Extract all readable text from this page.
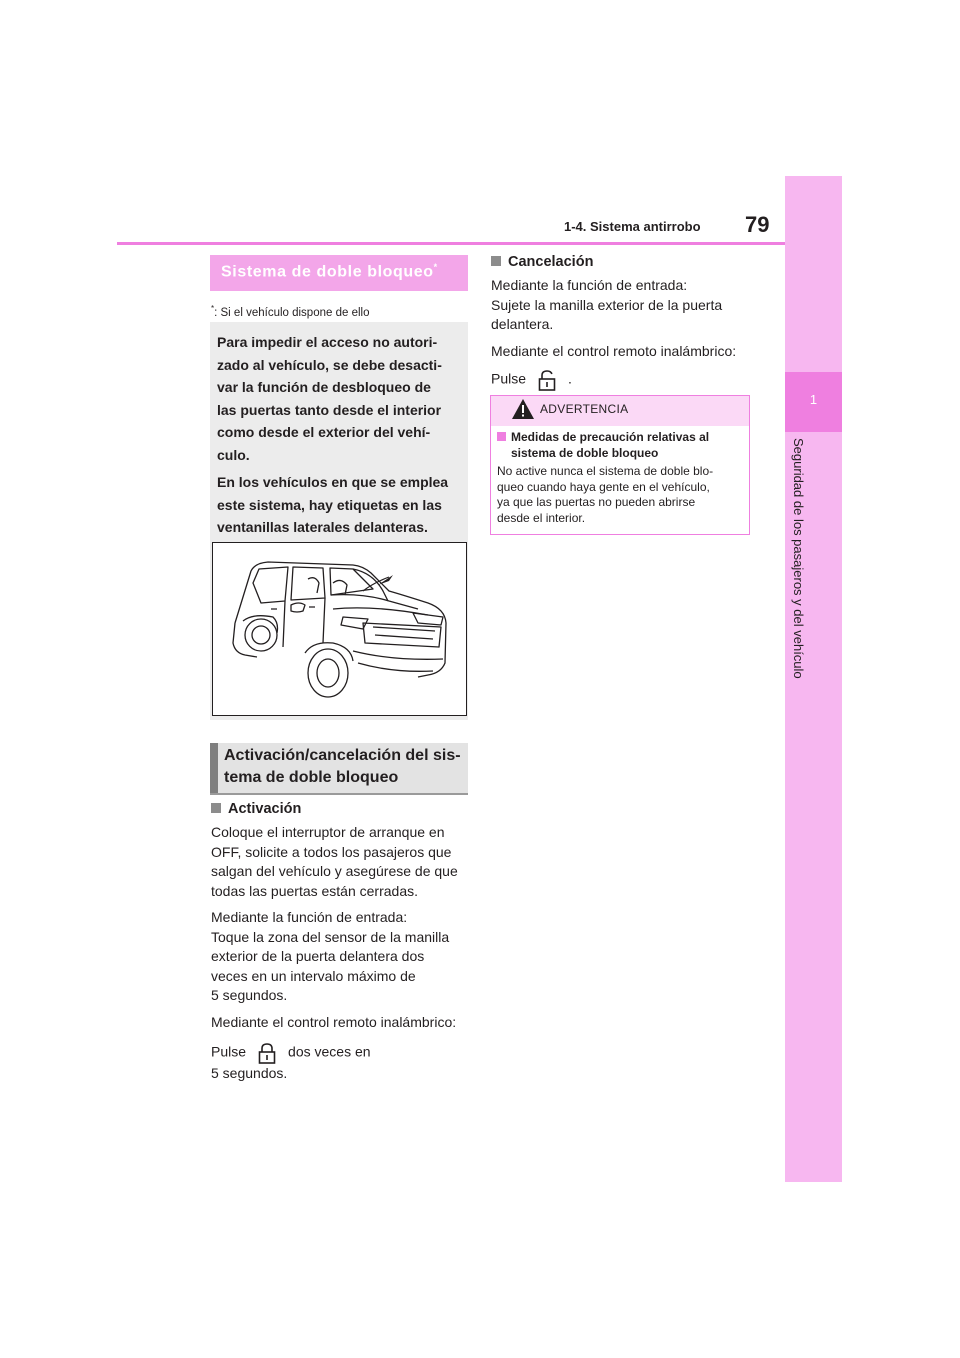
1
Seguridad de los pasajeros y del vehículo
1-4. Sistema antirrobo 79
Sistema de doble bloqueo*
*: Si el vehículo dispone de ello

Para impedir el acceso no autori-
zado al vehículo, se debe desacti-
var la función de desbloqueo de
las puertas tanto desde el interior
como desde el exterior del vehí-
culo.

En los vehículos en que se emplea
este sistema, hay etiquetas en las
ventanillas laterales delanteras.

Activación/cancelación del sis-
tema de doble bloqueo
Activación

Coloque el interruptor de arranque en
OFF, solicite a todos los pasajeros que
salgan del vehículo y asegúrese de que
todas las puertas están cerradas.

Mediante la función de entrada:
Toque la zona del sensor de la manilla
exterior de la puerta delantera dos
veces en un intervalo máximo de
5 segundos.

Mediante el control remoto inalámbrico:

Pulse	dos veces en
5 segundos.

Cancelación

Mediante la función de entrada:
Sujete la manilla exterior de la puerta
delantera.

Mediante el control remoto inalámbrico:

Pulse	.

ADVERTENCIA
Medidas de precaución relativas al
sistema de doble bloqueo
No active nunca el sistema de doble blo-
queo cuando haya gente en el vehículo,
ya que las puertas no pueden abrirse
desde el interior.
